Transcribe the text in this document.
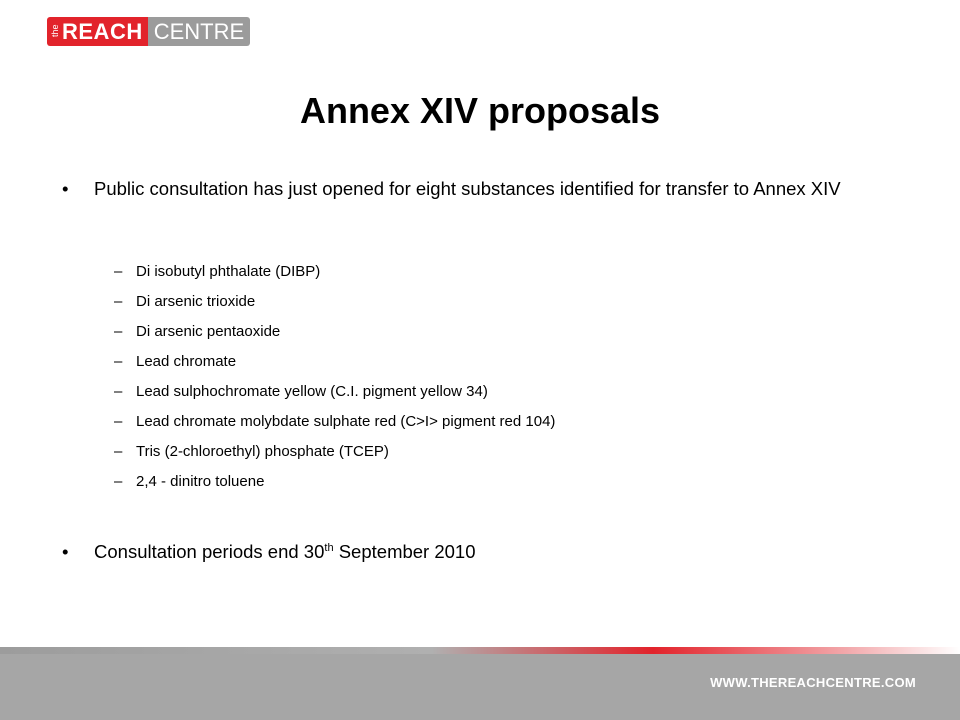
the REACH CENTRE
Annex XIV proposals
•	Public consultation has just opened for eight substances identified for transfer to Annex XIV
– Di isobutyl phthalate (DIBP)
– Di arsenic trioxide
– Di arsenic pentaoxide
– Lead chromate
– Lead sulphochromate yellow (C.I. pigment yellow 34)
– Lead chromate molybdate sulphate red (C>I> pigment red 104)
– Tris (2-chloroethyl) phosphate (TCEP)
– 2,4 - dinitro toluene
•	Consultation periods end 30th September 2010
WWW.THEREACHCENTRE.COM
